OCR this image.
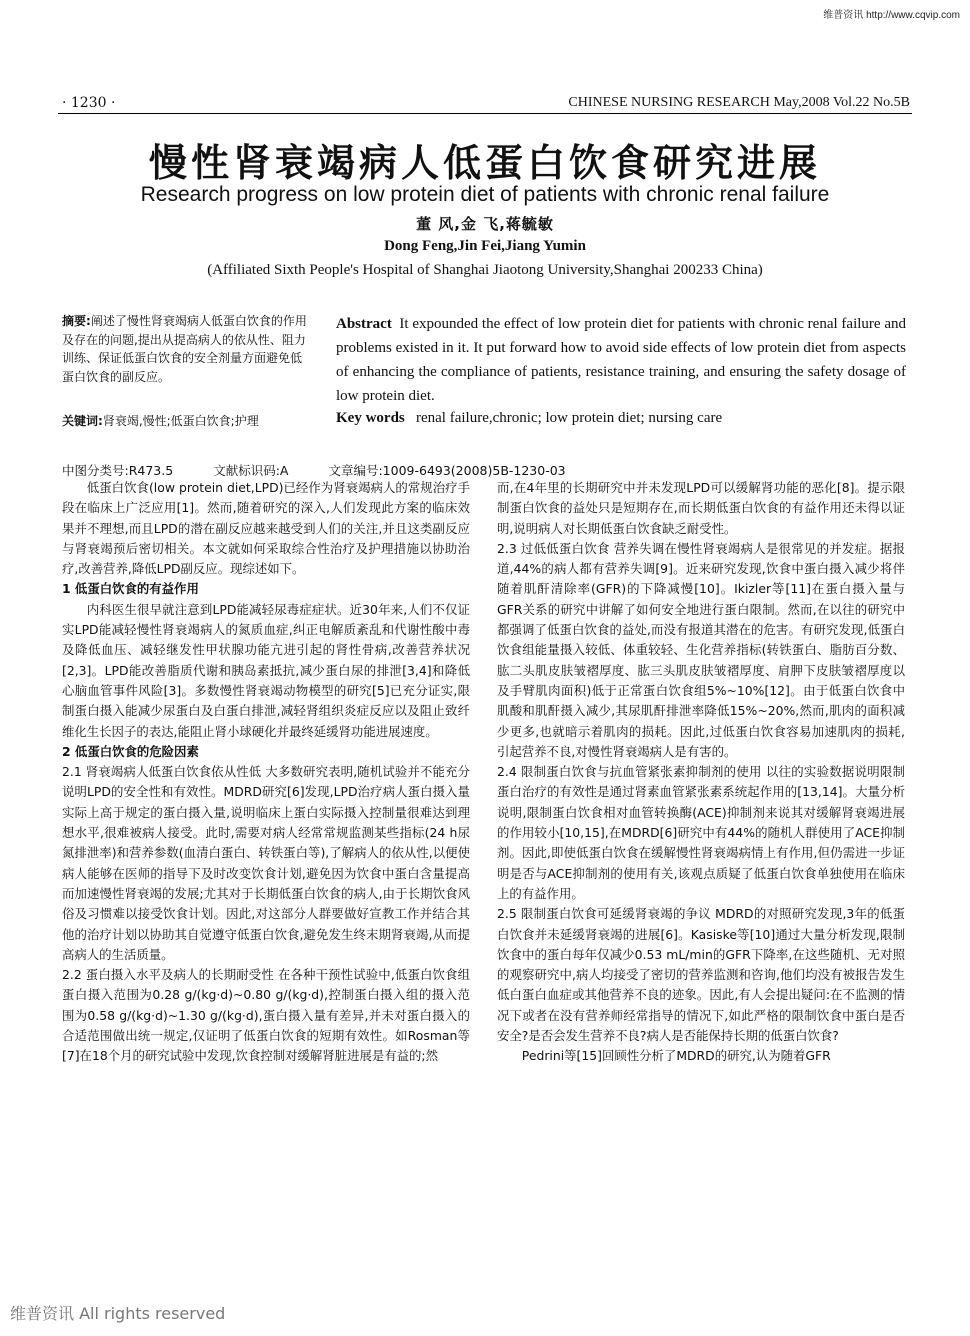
维普资讯 http://www.cqvip.com
· 1230 ·	CHINESE NURSING RESEARCH May,2008 Vol.22 No.5B
慢性肾衰竭病人低蛋白饮食研究进展
Research progress on low protein diet of patients with chronic renal failure
董 风,金 飞,蒋毓敏
Dong Feng,Jin Fei,Jiang Yumin
(Affiliated Sixth People's Hospital of Shanghai Jiaotong University,Shanghai 200233 China)
摘要:阐述了慢性肾衰竭病人低蛋白饮食的作用及存在的问题,提出从提高病人的依从性、阻力训练、保证低蛋白饮食的安全剂量方面避免低蛋白饮食的副反应。
关键词:肾衰竭,慢性;低蛋白饮食;护理
Abstract It expounded the effect of low protein diet for patients with chronic renal failure and problems existed in it. It put forward how to avoid side effects of low protein diet from aspects of enhancing the compliance of patients, resistance training, and ensuring the safety dosage of low protein diet.
Key words renal failure,chronic; low protein diet; nursing care
中图分类号:R473.5	文献标识码:A	文章编号:1009-6493(2008)5B-1230-03

低蛋白饮食(low protein diet,LPD)已经作为肾衰竭病人的常规治疗手段在临床上广泛应用[1]。然而,随着研究的深入,人们发现此方案的临床效果并不理想,而且LPD的潜在副反应越来越受到人们的关注,并且这类副反应与肾衰竭预后密切相关。本文就如何采取综合性治疗及护理措施以协助治疗,改善营养,降低LPD副反应。现综述如下。

1 低蛋白饮食的有益作用

内科医生很早就注意到LPD能减轻尿毒症症状。近30年来,人们不仅证实LPD能减轻慢性肾衰竭病人的氮质血症,纠正电解质紊乱和代谢性酸中毒及降低血压、减轻继发性甲状腺功能亢进引起的肾性骨病,改善营养状况[2,3]。LPD能改善脂质代谢和胰岛素抵抗,减少蛋白尿的排泄[3,4]和降低心脑血管事件风险[3]。多数慢性肾衰竭动物模型的研究[5]已充分证实,限制蛋白摄入能减少尿蛋白及白蛋白排泄,减轻肾组织炎症反应以及阻止致纤维化生长因子的表达,能阻止肾小球硬化并最终延缓肾功能进展速度。

2 低蛋白饮食的危险因素

2.1 肾衰竭病人低蛋白饮食依从性低 大多数研究表明,随机试验并不能充分说明LPD的安全性和有效性。MDRD研究[6]发现,LPD治疗病人蛋白摄入量实际上高于规定的蛋白摄入量,说明临床上蛋白实际摄入控制量很难达到理想水平,很难被病人接受。此时,需要对病人经常常规监测某些指标(24 h尿氮排泄率)和营养参数(血清白蛋白、转铁蛋白等),了解病人的依从性,以便使病人能够在医师的指导下及时改变饮食计划,避免因为饮食中蛋白含量提高而加速慢性肾衰竭的发展;尤其对于长期低蛋白饮食的病人,由于长期饮食风俗及习惯难以接受饮食计划。因此,对这部分人群要做好宣教工作并结合其他的治疗计划以协助其自觉遵守低蛋白饮食,避免发生终末期肾衰竭,从而提高病人的生活质量。

2.2 蛋白摄入水平及病人的长期耐受性 在各种干预性试验中,低蛋白饮食组蛋白摄入范围为0.28 g/(kg·d)~0.80 g/(kg·d),控制蛋白摄入组的摄入范围为0.58 g/(kg·d)~1.30 g/(kg·d),蛋白摄入量有差异,并未对蛋白摄入的合适范围做出统一规定,仅证明了低蛋白饮食的短期有效性。如Rosman等[7]在18个月的研究试验中发现,饮食控制对缓解肾脏进展是有益的;然

而,在4年里的长期研究中并未发现LPD可以缓解肾功能的恶化[8]。提示限制蛋白饮食的益处只是短期存在,而长期低蛋白饮食的有益作用还未得以证明,说明病人对长期低蛋白饮食缺乏耐受性。

2.3 过低低蛋白饮食 营养失调在慢性肾衰竭病人是很常见的并发症。据报道,44%的病人都有营养失调[9]。近来研究发现,饮食中蛋白摄入减少将伴随着肌酐清除率(GFR)的下降减慢[10]。Ikizler等[11]在蛋白摄入量与GFR关系的研究中讲解了如何安全地进行蛋白限制。然而,在以往的研究中都强调了低蛋白饮食的益处,而没有报道其潜在的危害。有研究发现,低蛋白饮食组能量摄入较低、体重较轻、生化营养指标(转铁蛋白、脂肪百分数、肱二头肌皮肤皱褶厚度、肱三头肌皮肤皱褶厚度、肩胛下皮肤皱褶厚度以及手臂肌肉面积)低于正常蛋白饮食组5%~10%[12]。由于低蛋白饮食中肌酸和肌酐摄入减少,其尿肌酐排泄率降低15%~20%,然而,肌肉的面积减少更多,也就暗示着肌肉的损耗。因此,过低蛋白饮食容易加速肌肉的损耗,引起营养不良,对慢性肾衰竭病人是有害的。

2.4 限制蛋白饮食与抗血管紧张素抑制剂的使用 以往的实验数据说明限制蛋白治疗的有效性是通过肾素血管紧张素系统起作用的[13,14]。大量分析说明,限制蛋白饮食相对血管转换酶(ACE)抑制剂来说其对缓解肾衰竭进展的作用较小[10,15],在MDRD[6]研究中有44%的随机人群使用了ACE抑制剂。因此,即使低蛋白饮食在缓解慢性肾衰竭病情上有作用,但仍需进一步证明是否与ACE抑制剂的使用有关,该观点质疑了低蛋白饮食单独使用在临床上的有益作用。

2.5 限制蛋白饮食可延缓肾衰竭的争议 MDRD的对照研究发现,3年的低蛋白饮食并未延缓肾衰竭的进展[6]。Kasiske等[10]通过大量分析发现,限制饮食中的蛋白每年仅减少0.53 mL/min的GFR下降率,在这些随机、无对照的观察研究中,病人均接受了密切的营养监测和咨询,他们均没有被报告发生低白蛋白血症或其他营养不良的迹象。因此,有人会提出疑问:在不监测的情况下或者在没有营养师经常指导的情况下,如此严格的限制饮食中蛋白是否安全?是否会发生营养不良?病人是否能保持长期的低蛋白饮食?

Pedrini等[15]回顾性分析了MDRD的研究,认为随着GFR

维普资讯 All rights reserved
